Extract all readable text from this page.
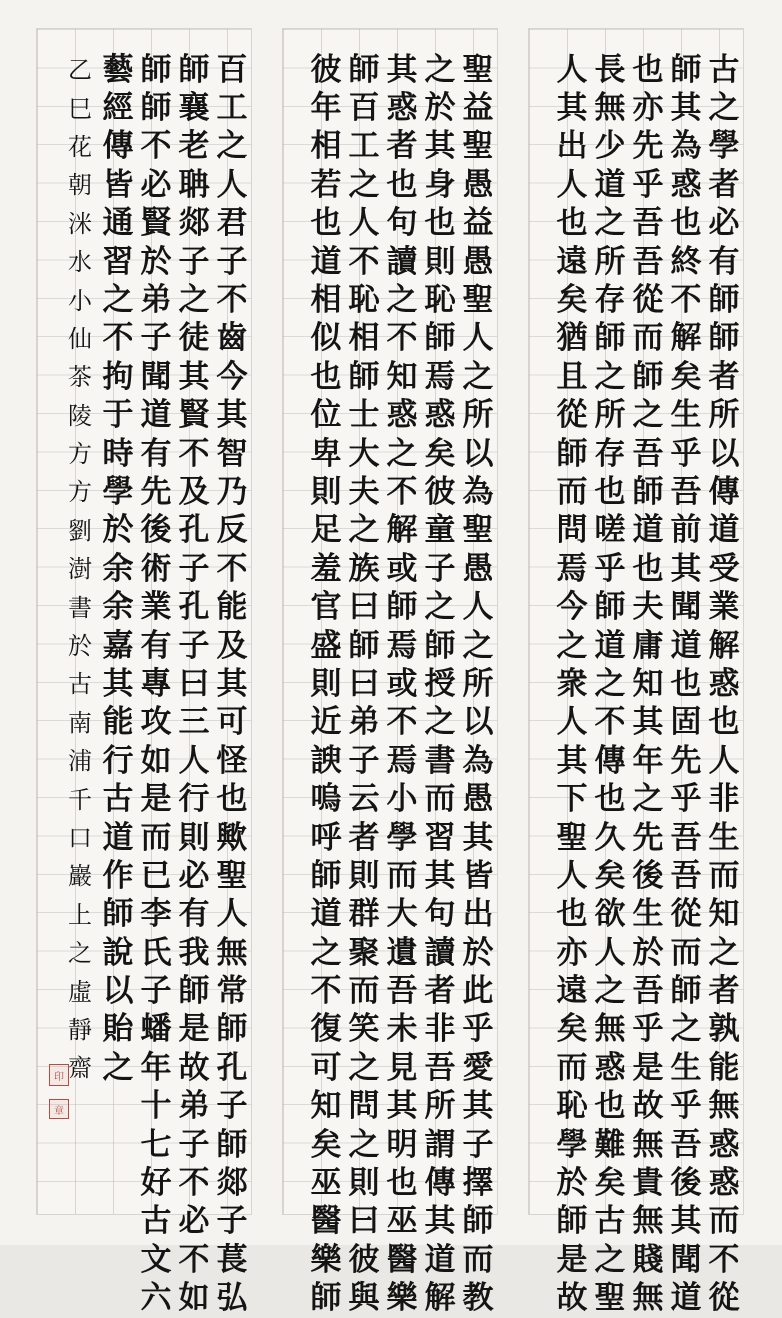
古
之
學
者
必
有
師
師
者
所
以
傳
道
受
業
解
惑
也
人
非
生
而
知
之
者
孰
能
無
惑
惑
而
不
從
師
其
為
惑
也
終
不
解
矣
生
乎
吾
前
其
聞
道
也
固
先
乎
吾
吾
從
而
師
之
生
乎
吾
後
其
聞
道
也
亦
先
乎
吾
吾
從
而
師
之
吾
師
道
也
夫
庸
知
其
年
之
先
後
生
於
吾
乎
是
故
無
貴
無
賤
無
長
無
少
道
之
所
存
師
之
所
存
也
嗟
乎
師
道
之
不
傳
也
久
矣
欲
人
之
無
惑
也
難
矣
古
之
聖
人
其
出
人
也
遠
矣
猶
且
從
師
而
問
焉
今
之
衆
人
其
下
聖
人
也
亦
遠
矣
而
恥
學
於
師
是
故
聖
益
聖
愚
益
愚
聖
人
之
所
以
為
聖
愚
人
之
所
以
為
愚
其
皆
出
於
此
乎
愛
其
子
擇
師
而
教
之
於
其
身
也
則
恥
師
焉
惑
矣
彼
童
子
之
師
授
之
書
而
習
其
句
讀
者
非
吾
所
謂
傳
其
道
解
其
惑
者
也
句
讀
之
不
知
惑
之
不
解
或
師
焉
或
不
焉
小
學
而
大
遺
吾
未
見
其
明
也
巫
醫
樂
師
百
工
之
人
不
恥
相
師
士
大
夫
之
族
曰
師
曰
弟
子
云
者
則
群
聚
而
笑
之
問
之
則
曰
彼
與
彼
年
相
若
也
道
相
似
也
位
卑
則
足
羞
官
盛
則
近
諛
嗚
呼
師
道
之
不
復
可
知
矣
巫
醫
樂
師
百
工
之
人
君
子
不
齒
今
其
智
乃
反
不
能
及
其
可
怪
也
歟
聖
人
無
常
師
孔
子
師
郯
子
萇
弘
師
襄
老
聃
郯
子
之
徒
其
賢
不
及
孔
子
孔
子
曰
三
人
行
則
必
有
我
師
是
故
弟
子
不
必
不
如
師
師
不
必
賢
於
弟
子
聞
道
有
先
後
術
業
有
專
攻
如
是
而
已
李
氏
子
蟠
年
十
七
好
古
文
六
藝
經
傳
皆
通
習
之
不
拘
于
時
學
於
余
余
嘉
其
能
行
古
道
作
師
說
以
貽
之
乙
巳
花
朝
洣
水
小
仙
茶
陵
方
方
劉
澍
書
於
古
南
浦
千
口
巖
上
之
虛
靜
齋
印
章
